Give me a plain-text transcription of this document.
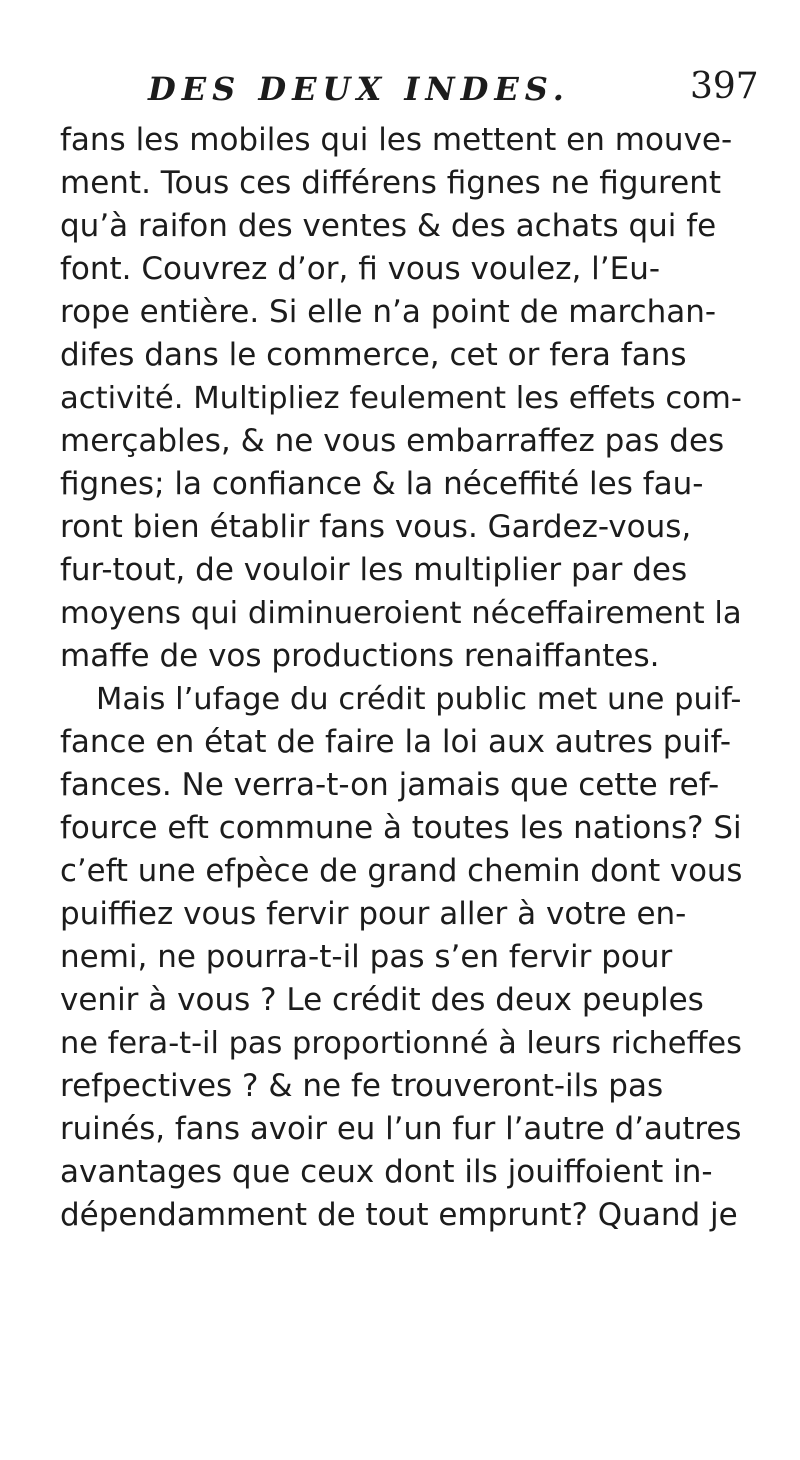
DES DEUX INDES.	397
fans les mobiles qui les mettent en mouve-
ment. Tous ces différens fignes ne figurent
qu’à raifon des ventes & des achats qui fe
font. Couvrez d’or, fi vous voulez, l’Eu-
rope entière. Si elle n’a point de marchan-
difes dans le commerce, cet or fera fans
activité. Multipliez feulement les effets com-
merçables, & ne vous embarraffez pas des
fignes; la confiance & la néceffité les fau-
ront bien établir fans vous. Gardez-vous,
fur-tout, de vouloir les multiplier par des
moyens qui diminueroient néceffairement la
maffe de vos productions renaiffantes.
Mais l’ufage du crédit public met une puif-
fance en état de faire la loi aux autres puif-
fances. Ne verra-t-on jamais que cette ref-
fource eft commune à toutes les nations? Si
c’eft une efpèce de grand chemin dont vous
puiffiez vous fervir pour aller à votre en-
nemi, ne pourra-t-il pas s’en fervir pour
venir à vous ? Le crédit des deux peuples
ne fera-t-il pas proportionné à leurs richeffes
refpectives ? & ne fe trouveront-ils pas
ruinés, fans avoir eu l’un fur l’autre d’autres
avantages que ceux dont ils jouiffoient in-
dépendamment de tout emprunt? Quand je
